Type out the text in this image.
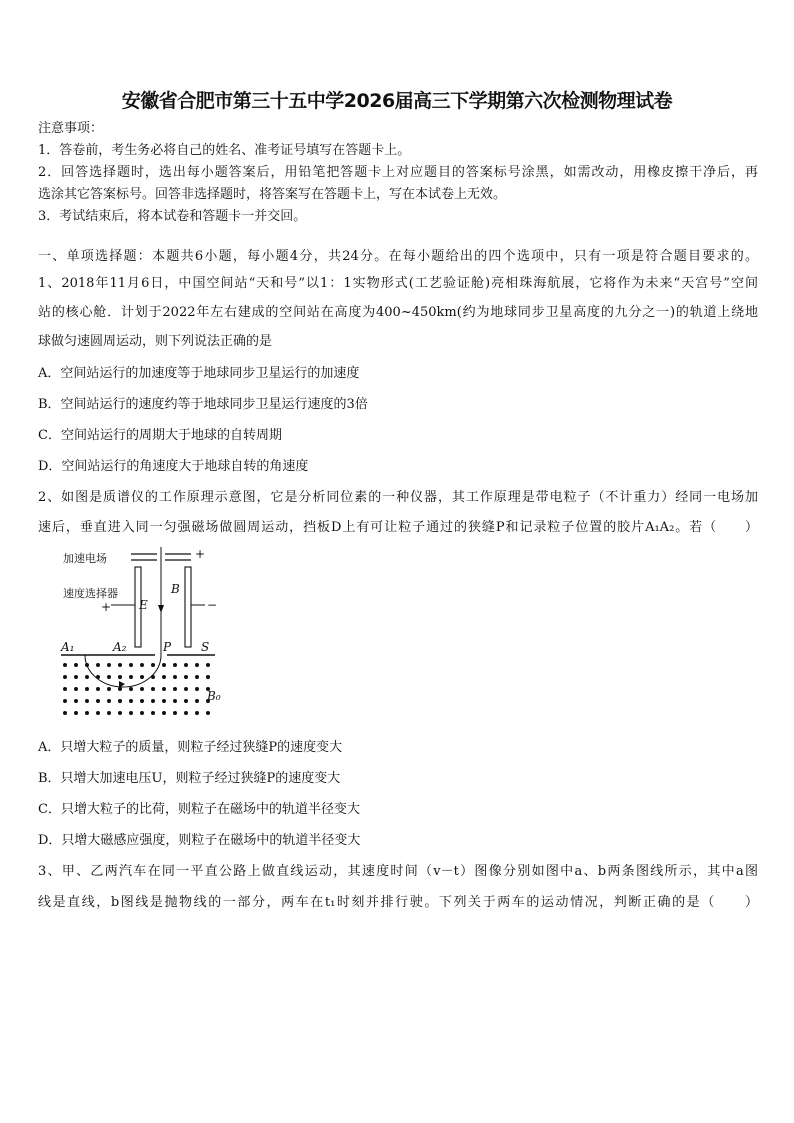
安徽省合肥市第三十五中学2026届高三下学期第六次检测物理试卷
注意事项：
1．答卷前，考生务必将自己的姓名、准考证号填写在答题卡上。
2．回答选择题时，选出每小题答案后，用铅笔把答题卡上对应题目的答案标号涂黑，如需改动，用橡皮擦干净后，再
选涂其它答案标号。回答非选择题时，将答案写在答题卡上，写在本试卷上无效。
3．考试结束后，将本试卷和答题卡一并交回。
一、单项选择题：本题共6小题，每小题4分，共24分。在每小题给出的四个选项中，只有一项是符合题目要求的。
1、2018年11月6日，中国空间站“天和号”以1：1实物形式(工艺验证舱)亮相珠海航展，它将作为未来“天宫号”空间
站的核心舱．计划于2022年左右建成的空间站在高度为400~450km(约为地球同步卫星高度的九分之一)的轨道上绕地
球做匀速圆周运动，则下列说法正确的是
A．空间站运行的加速度等于地球同步卫星运行的加速度
B．空间站运行的速度约等于地球同步卫星运行速度的3倍
C．空间站运行的周期大于地球的自转周期
D．空间站运行的角速度大于地球自转的角速度
2、如图是质谱仪的工作原理示意图，它是分析同位素的一种仪器，其工作原理是带电粒子（不计重力）经同一电场加
速后，垂直进入同一匀强磁场做圆周运动，挡板D上有可让粒子通过的狭缝P和记录粒子位置的胶片A₁A₂。若（　　）
加速电场	+
速度选择器
+	−
E
B
A₁	A₂	P S
B₀
A．只增大粒子的质量，则粒子经过狭缝P的速度变大
B．只增大加速电压U，则粒子经过狭缝P的速度变大
C．只增大粒子的比荷，则粒子在磁场中的轨道半径变大
D．只增大磁感应强度，则粒子在磁场中的轨道半径变大
3、甲、乙两汽车在同一平直公路上做直线运动，其速度时间（v－t）图像分别如图中a、b两条图线所示，其中a图
线是直线，b图线是抛物线的一部分，两车在t₁时刻并排行驶。下列关于两车的运动情况，判断正确的是（　　）
